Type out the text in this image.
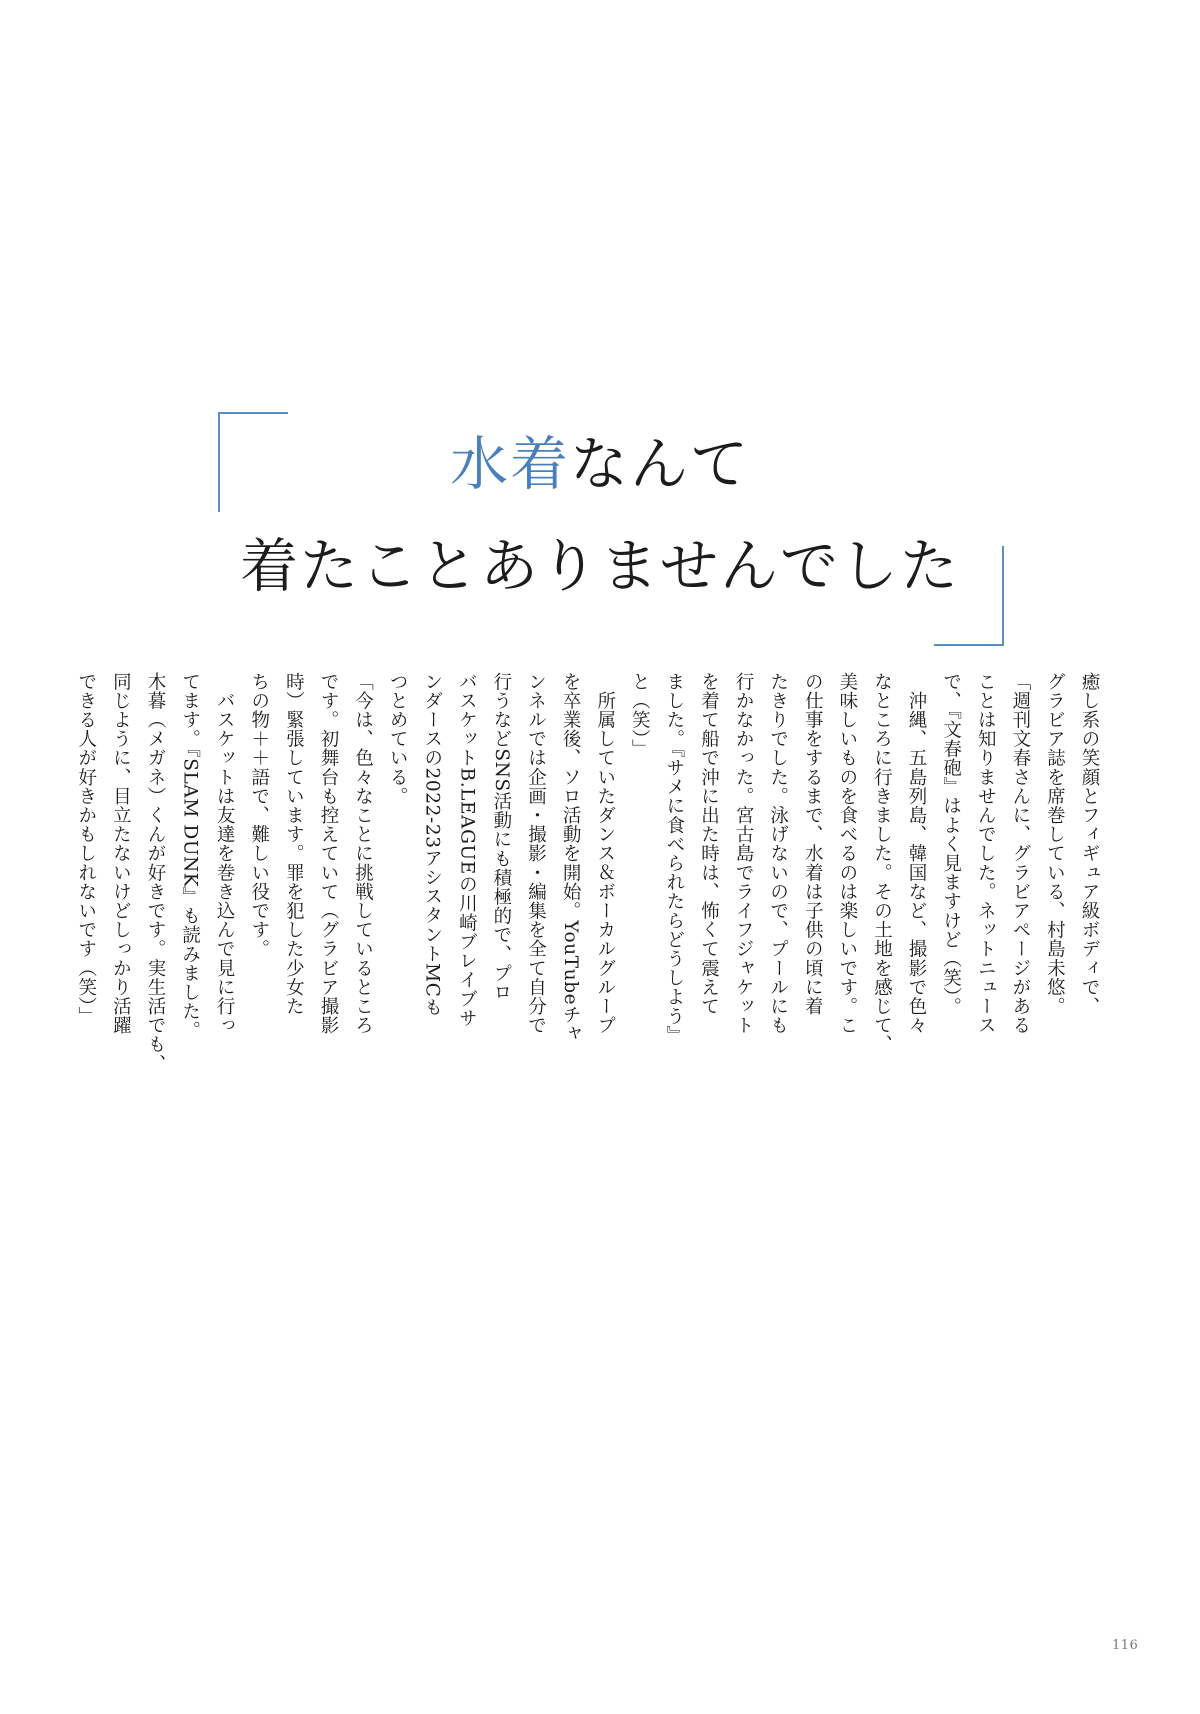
水着なんて
着たことありませんでした
癒し系の笑顔とフィギュア級ボディで、
グラビア誌を席巻している、村島未悠。
「週刊文春さんに、グラビアページがある
ことは知りませんでした。ネットニュース
で、『文春砲』はよく見ますけど（笑）。
　沖縄、五島列島、韓国など、撮影で色々
なところに行きました。その土地を感じて、
美味しいものを食べるのは楽しいです。こ
の仕事をするまで、水着は子供の頃に着
たきりでした。泳げないので、プールにも
行かなかった。宮古島でライフジャケット
を着て船で沖に出た時は、怖くて震えて
ました。『サメに食べられたらどうしよう』
と（笑）」
　所属していたダンス＆ボーカルグループ
を卒業後、ソロ活動を開始。YouTubeチャ
ンネルでは企画・撮影・編集を全て自分で
行うなどSNS活動にも積極的で、プロ
バスケットB.LEAGUEの川崎ブレイブサ
ンダースの2022-23アシスタントMCも
つとめている。
「今は、色々なことに挑戦しているところ
です。初舞台も控えていて（グラビア撮影
時）緊張しています。罪を犯した少女た
ちの物＋＋語で、難しい役です。
　バスケットは友達を巻き込んで見に行っ
てます。『SLAM DUNK』も読みました。
木暮（メガネ）くんが好きです。実生活でも、
同じように、目立たないけどしっかり活躍
できる人が好きかもしれないです（笑）」
116
